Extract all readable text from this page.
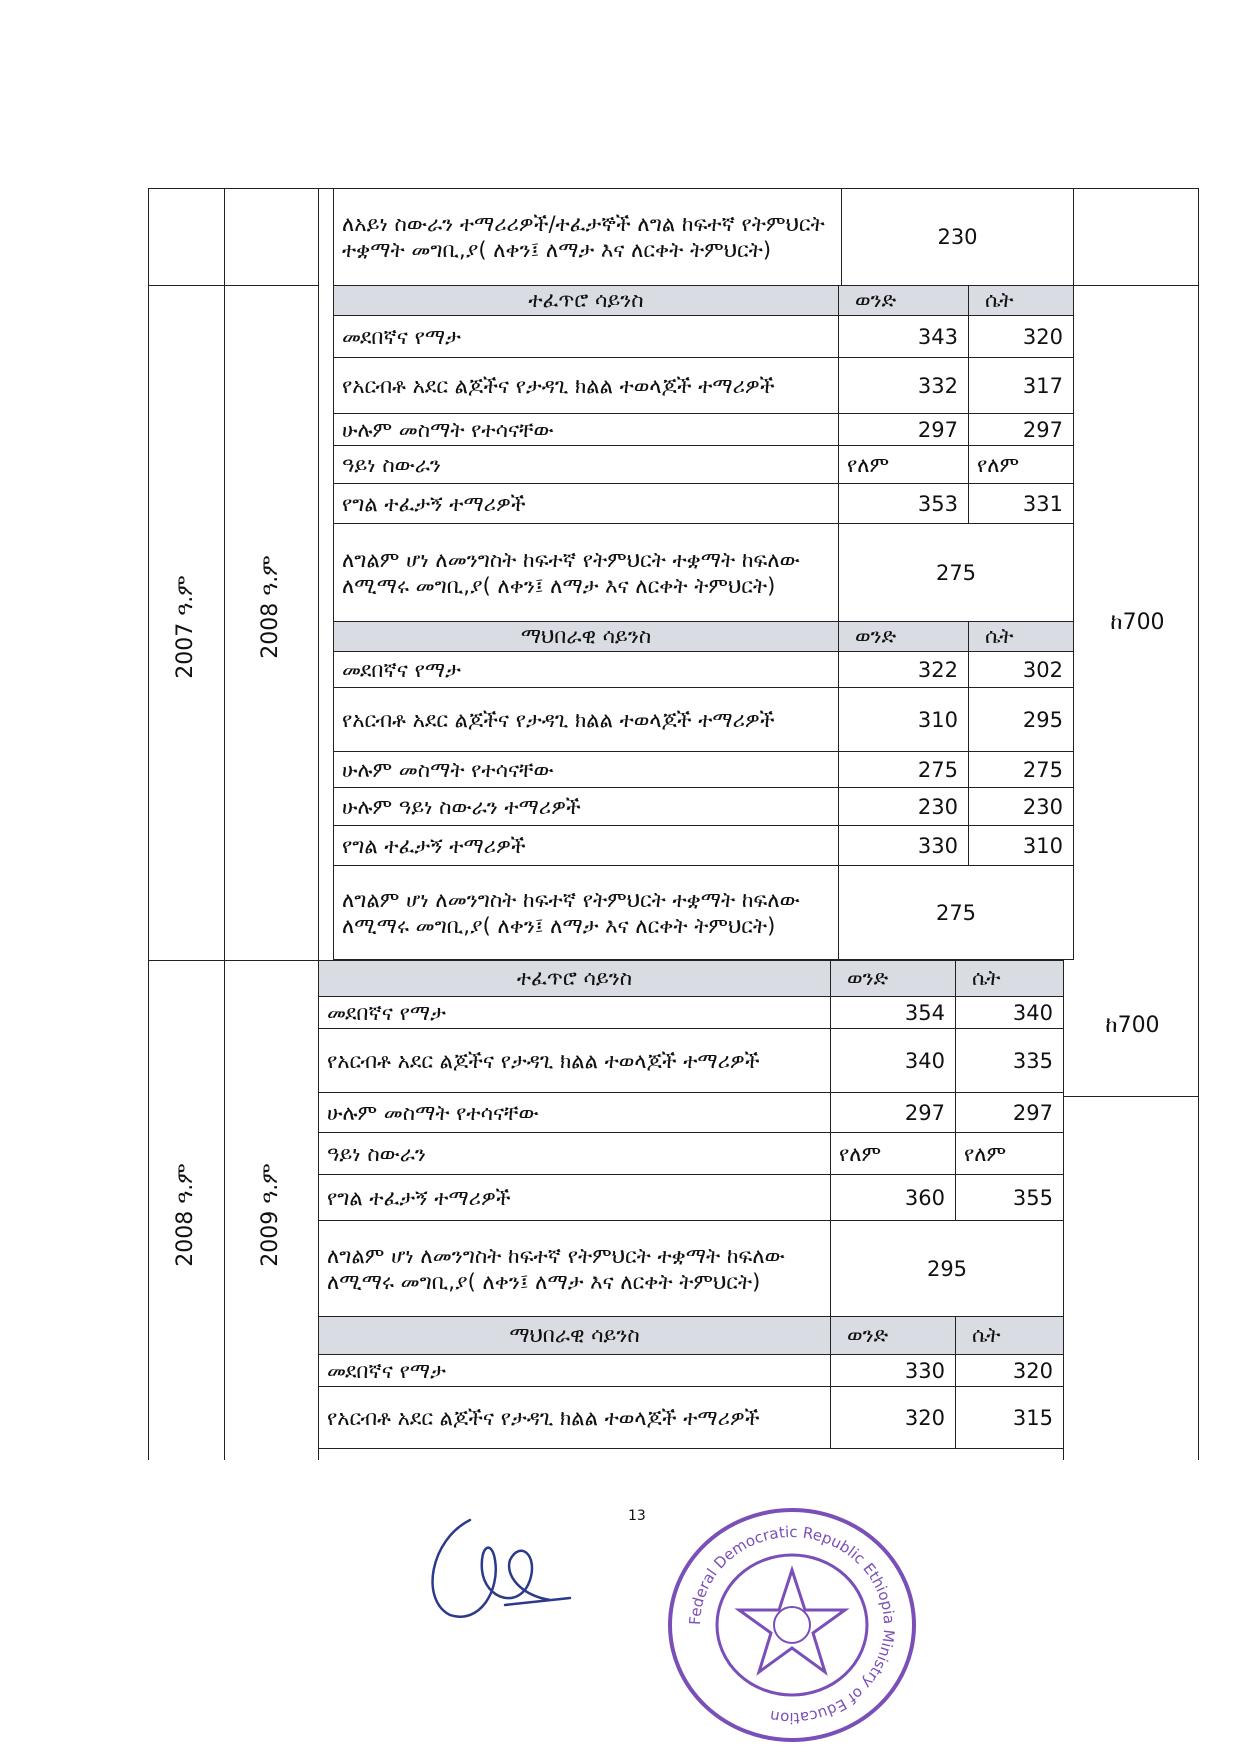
2007 ዓ.ም	2008 ዓ.ም
2008 ዓ.ም	2009 ዓ.ም
ለአይነ ስውራን ተማሪሪዎች/ተፈታኞች ለግል ከፍተኛ የትምህርት ተቋማት መግቢ,ያ( ለቀን፤ ለማታ እና ለርቀት ትምህርት)	230	
ተፈጥሮ ሳይንስ	ወንድ	ሴት
መደበኛና የማታ	343	320
የአርብቶ አደር ልጆችና የታዳጊ ክልል ተወላጆች ተማሪዎች	332	317
ሁሉም መስማት የተሳናቸው	297	297
ዓይነ ስውራን	የለም	የለም
የግል ተፈታኝ ተማሪዎች	353	331
ለግልም ሆነ ለመንግስት ከፍተኛ የትምህርት ተቋማት ከፍለው ለሚማሩ መግቢ,ያ( ለቀን፤ ለማታ እና ለርቀት ትምህርት)	275	
ማህበራዊ ሳይንስ	ወንድ	ሴት
መደበኛና የማታ	322	302
የአርብቶ አደር ልጆችና የታዳጊ ክልል ተወላጆች ተማሪዎች	310	295
ሁሉም መስማት የተሳናቸው	275	275
ሁሉም ዓይነ ስውራን ተማሪዎች	230	230
የግል ተፈታኝ ተማሪዎች	330	310
ለግልም ሆነ ለመንግስት ከፍተኛ የትምህርት ተቋማት ከፍለው ለሚማሩ መግቢ,ያ( ለቀን፤ ለማታ እና ለርቀት ትምህርት)	275	
ከ700
ተፈጥሮ ሳይንስ	ወንድ	ሴት
መደበኛና የማታ	354	340
የአርብቶ አደር ልጆችና የታዳጊ ክልል ተወላጆች ተማሪዎች	340	335
ሁሉም መስማት የተሳናቸው	297	297
ዓይነ ስውራን	የለም	የለም
የግል ተፈታኝ ተማሪዎች	360	355
ለግልም ሆነ ለመንግስት ከፍተኛ የትምህርት ተቋማት ከፍለው ለሚማሩ መግቢ,ያ( ለቀን፤ ለማታ እና ለርቀት ትምህርት)	295	
ማህበራዊ ሳይንስ	ወንድ	ሴት
መደበኛና የማታ	330	320
የአርብቶ አደር ልጆችና የታዳጊ ክልል ተወላጆች ተማሪዎች	320	315
ከ700
13
Federal Democratic Republic Ethiopia Ministry of Education
